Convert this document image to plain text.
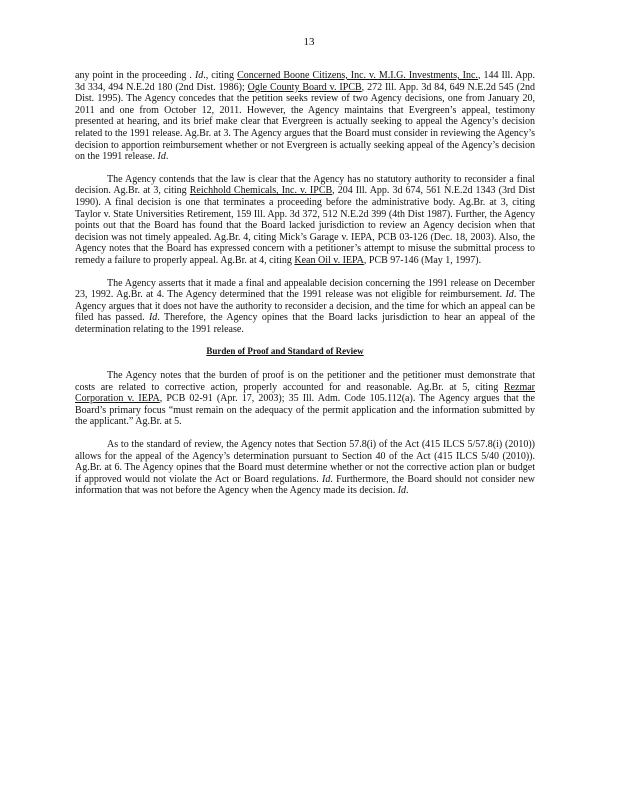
13

any point in the proceeding . Id., citing Concerned Boone Citizens, Inc. v. M.I.G. Investments, Inc., 144 Ill. App. 3d 334, 494 N.E.2d 180 (2nd Dist. 1986); Ogle County Board v. IPCB, 272 Ill. App. 3d 84, 649 N.E.2d 545 (2nd Dist. 1995). The Agency concedes that the petition seeks review of two Agency decisions, one from January 20, 2011 and one from October 12, 2011. However, the Agency maintains that Evergreen’s appeal, testimony presented at hearing, and its brief make clear that Evergreen is actually seeking to appeal the Agency’s decision related to the 1991 release. Ag.Br. at 3. The Agency argues that the Board must consider in reviewing the Agency’s decision to apportion reimbursement whether or not Evergreen is actually seeking appeal of the Agency’s decision on the 1991 release. Id.

The Agency contends that the law is clear that the Agency has no statutory authority to reconsider a final decision. Ag.Br. at 3, citing Reichhold Chemicals, Inc. v. IPCB, 204 Ill. App. 3d 674, 561 N.E.2d 1343 (3rd Dist 1990). A final decision is one that terminates a proceeding before the administrative body. Ag.Br. at 3, citing Taylor v. State Universities Retirement, 159 Ill. App. 3d 372, 512 N.E.2d 399 (4th Dist 1987). Further, the Agency points out that the Board has found that the Board lacked jurisdiction to review an Agency decision when that decision was not timely appealed. Ag.Br. 4, citing Mick’s Garage v. IEPA, PCB 03-126 (Dec. 18, 2003). Also, the Agency notes that the Board has expressed concern with a petitioner’s attempt to misuse the submittal process to remedy a failure to properly appeal. Ag.Br. at 4, citing Kean Oil v. IEPA, PCB 97-146 (May 1, 1997).

The Agency asserts that it made a final and appealable decision concerning the 1991 release on December 23, 1992. Ag.Br. at 4. The Agency determined that the 1991 release was not eligible for reimbursement. Id. The Agency argues that it does not have the authority to reconsider a decision, and the time for which an appeal can be filed has passed. Id. Therefore, the Agency opines that the Board lacks jurisdiction to hear an appeal of the determination relating to the 1991 release.

Burden of Proof and Standard of Review

The Agency notes that the burden of proof is on the petitioner and the petitioner must demonstrate that costs are related to corrective action, properly accounted for and reasonable. Ag.Br. at 5, citing Rezmar Corporation v. IEPA, PCB 02-91 (Apr. 17, 2003); 35 Ill. Adm. Code 105.112(a). The Agency argues that the Board’s primary focus “must remain on the adequacy of the permit application and the information submitted by the applicant.” Ag.Br. at 5.

As to the standard of review, the Agency notes that Section 57.8(i) of the Act (415 ILCS 5/57.8(i) (2010)) allows for the appeal of the Agency’s determination pursuant to Section 40 of the Act (415 ILCS 5/40 (2010)). Ag.Br. at 6. The Agency opines that the Board must determine whether or not the corrective action plan or budget if approved would not violate the Act or Board regulations. Id. Furthermore, the Board should not consider new information that was not before the Agency when the Agency made its decision. Id.
